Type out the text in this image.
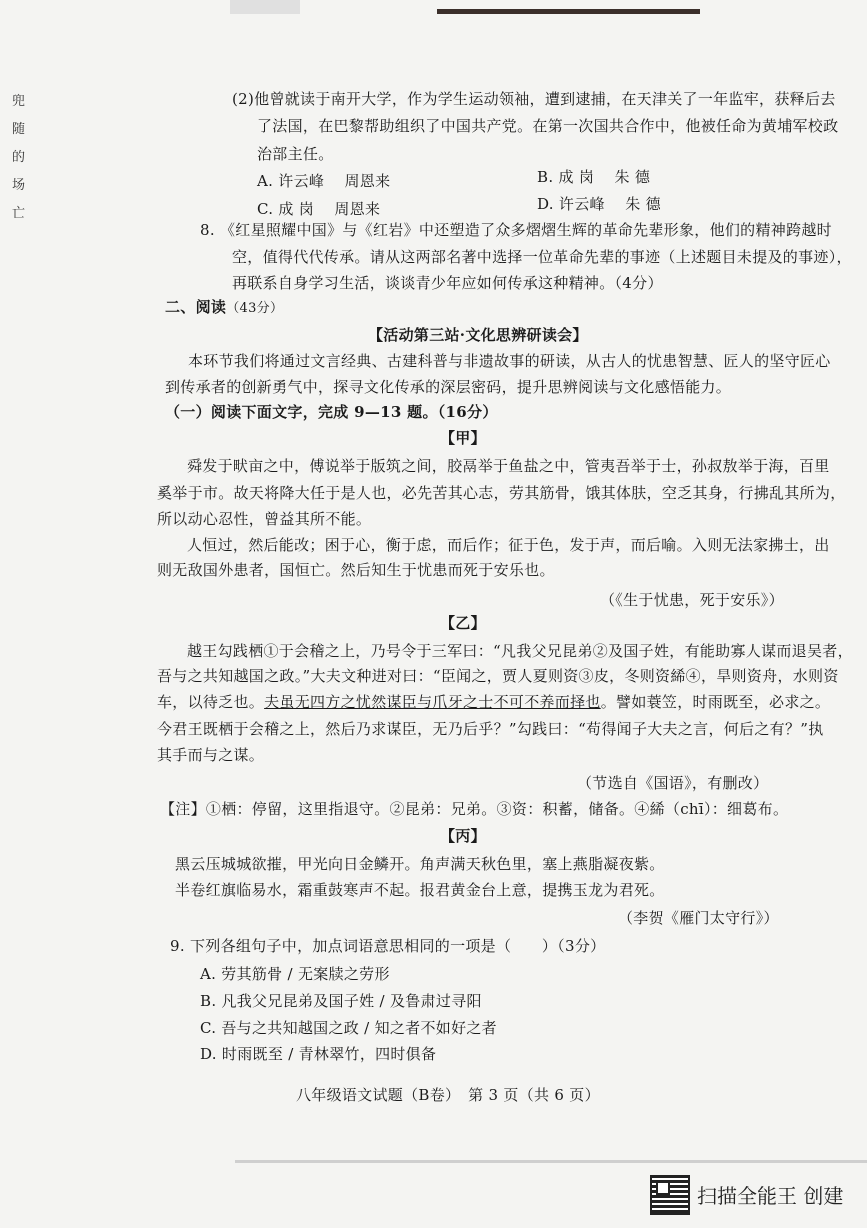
兜 随 的 场 亡
(2)他曾就读于南开大学，作为学生运动领袖，遭到逮捕，在天津关了一年监牢，获释后去
了法国，在巴黎帮助组织了中国共产党。在第一次国共合作中，他被任命为黄埔军校政
治部主任。
A. 许云峰　 周恩来	B. 成 岗　 朱 德
C. 成 岗　 周恩来	D. 许云峰　 朱 德
8. 《红星照耀中国》与《红岩》中还塑造了众多熠熠生辉的革命先辈形象，他们的精神跨越时
空，值得代代传承。请从这两部名著中选择一位革命先辈的事迹（上述题目未提及的事迹），
再联系自身学习生活，谈谈青少年应如何传承这种精神。（4分）
二、阅读（43分）
【活动第三站·文化思辨研读会】
本环节我们将通过文言经典、古建科普与非遗故事的研读，从古人的忧患智慧、匠人的坚守匠心
到传承者的创新勇气中，探寻文化传承的深层密码，提升思辨阅读与文化感悟能力。
（一）阅读下面文字，完成 9—13 题。（16分）
【甲】
舜发于畎亩之中，傅说举于版筑之间，胶鬲举于鱼盐之中，管夷吾举于士，孙叔敖举于海，百里
奚举于市。故天将降大任于是人也，必先苦其心志，劳其筋骨，饿其体肤，空乏其身，行拂乱其所为，
所以动心忍性，曾益其所不能。
人恒过，然后能改；困于心，衡于虑，而后作；征于色，发于声，而后喻。入则无法家拂士，出
则无敌国外患者，国恒亡。然后知生于忧患而死于安乐也。
（《生于忧患，死于安乐》）
【乙】
越王勾践栖①于会稽之上，乃号令于三军曰：“凡我父兄昆弟②及国子姓，有能助寡人谋而退吴者，
吾与之共知越国之政。”大夫文种进对曰：“臣闻之，贾人夏则资③皮，冬则资絺④，旱则资舟，水则资
车，以待乏也。夫虽无四方之忧然谋臣与爪牙之士不可不养而择也。譬如蓑笠，时雨既至，必求之。
今君王既栖于会稽之上，然后乃求谋臣，无乃后乎？”勾践曰：“苟得闻子大夫之言，何后之有？”执
其手而与之谋。
（节选自《国语》，有删改）
【注】①栖：停留，这里指退守。②昆弟：兄弟。③资：积蓄，储备。④絺（chī）：细葛布。
【丙】
黑云压城城欲摧，甲光向日金鳞开。角声满天秋色里，塞上燕脂凝夜紫。
半卷红旗临易水，霜重鼓寒声不起。报君黄金台上意，提携玉龙为君死。
（李贺《雁门太守行》）
9. 下列各组句子中，加点词语意思相同的一项是（　　）（3分）
A. 劳其筋骨 / 无案牍之劳形
B. 凡我父兄昆弟及国子姓 / 及鲁肃过寻阳
C. 吾与之共知越国之政 / 知之者不如好之者
D. 时雨既至 / 青林翠竹，四时俱备
八年级语文试题（B卷）　第 3 页（共 6 页）
扫描全能王 创建
